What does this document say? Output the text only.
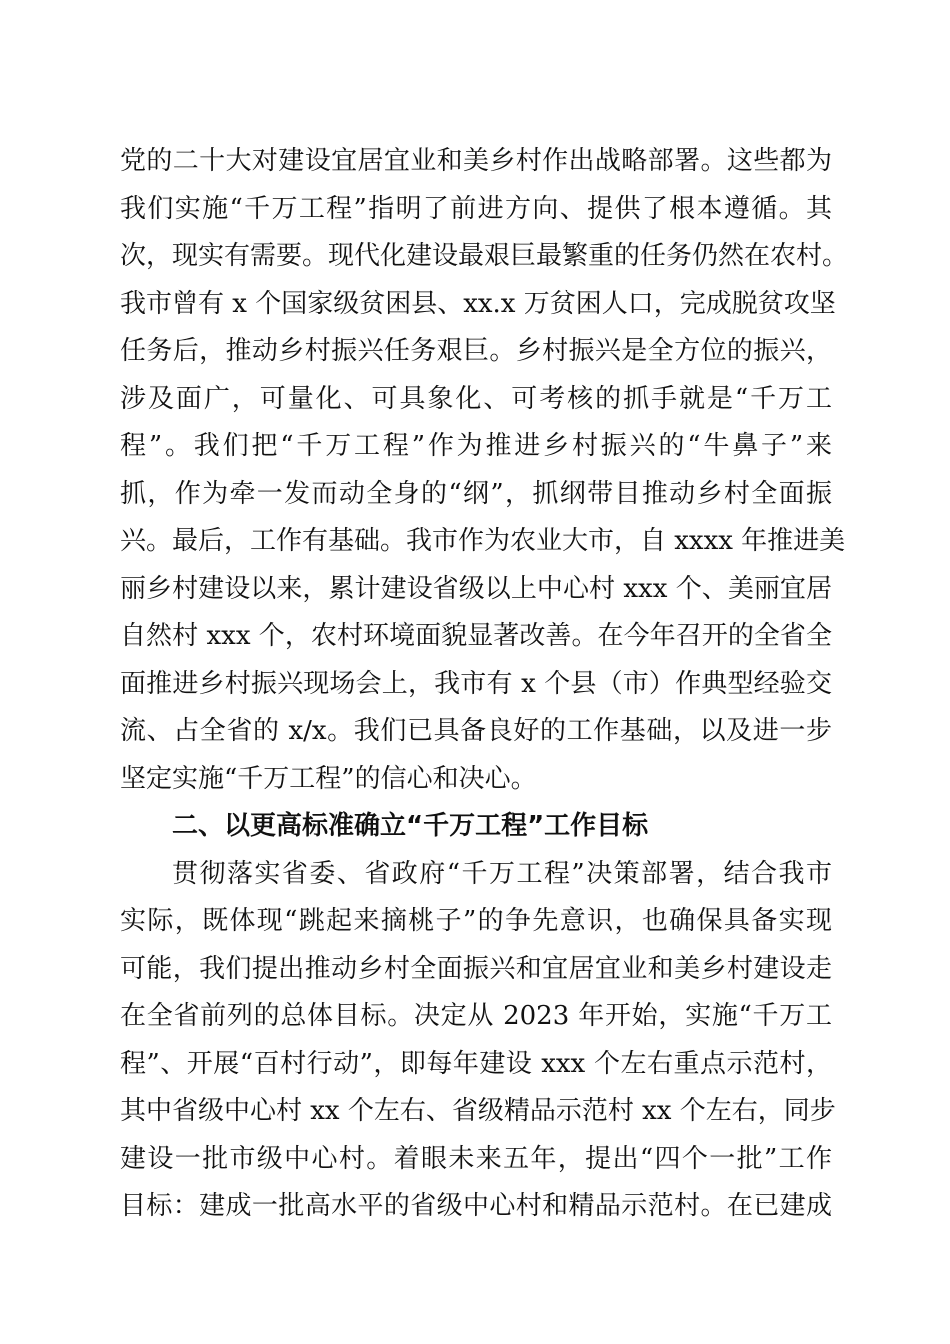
党的二十大对建设宜居宜业和美乡村作出战略部署。这些都为
我们实施“千万工程”指明了前进方向、提供了根本遵循。其
次，现实有需要。现代化建设最艰巨最繁重的任务仍然在农村。
我市曾有 x 个国家级贫困县、xx.x 万贫困人口，完成脱贫攻坚
任务后，推动乡村振兴任务艰巨。乡村振兴是全方位的振兴，
涉及面广，可量化、可具象化、可考核的抓手就是“千万工
程”。我们把“千万工程”作为推进乡村振兴的“牛鼻子”来
抓，作为牵一发而动全身的“纲”，抓纲带目推动乡村全面振
兴。最后，工作有基础。我市作为农业大市，自 xxxx 年推进美
丽乡村建设以来，累计建设省级以上中心村 xxx 个、美丽宜居
自然村 xxx 个，农村环境面貌显著改善。在今年召开的全省全
面推进乡村振兴现场会上，我市有 x 个县（市）作典型经验交
流、占全省的 x/x。我们已具备良好的工作基础，以及进一步
坚定实施“千万工程”的信心和决心。
二、以更高标准确立“千万工程”工作目标
贯彻落实省委、省政府“千万工程”决策部署，结合我市
实际，既体现“跳起来摘桃子”的争先意识，也确保具备实现
可能，我们提出推动乡村全面振兴和宜居宜业和美乡村建设走
在全省前列的总体目标。决定从 2023 年开始，实施“千万工
程”、开展“百村行动”，即每年建设 xxx 个左右重点示范村，
其中省级中心村 xx 个左右、省级精品示范村 xx 个左右，同步
建设一批市级中心村。着眼未来五年，提出“四个一批”工作
目标：建成一批高水平的省级中心村和精品示范村。在已建成
